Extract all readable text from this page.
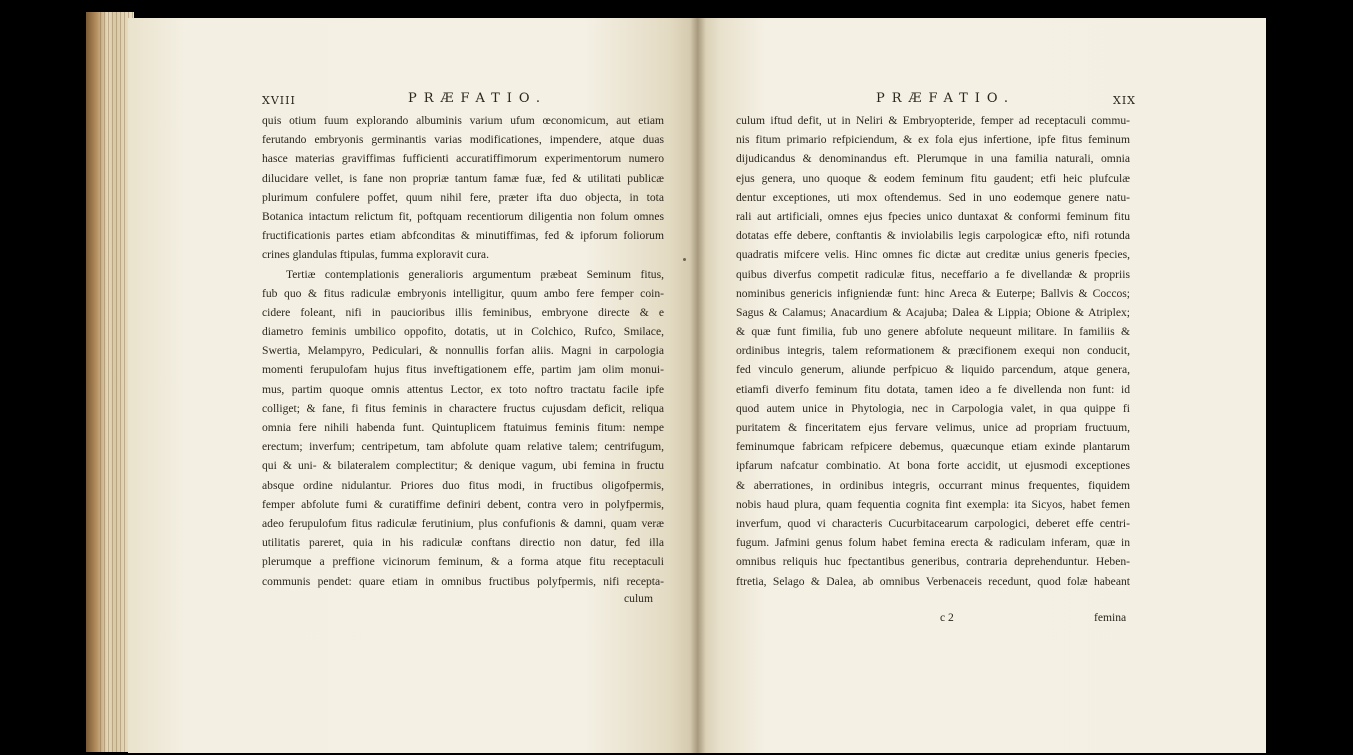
XVIII	PRÆFATIO.
quis otium fuum explorando albuminis varium ufum œconomicum, aut etiam
ferutando embryonis germinantis varias modificationes, impendere, atque duas
hasce materias graviffimas fufficienti accuratiffimorum experimentorum numero
dilucidare vellet, is fane non propriæ tantum famæ fuæ, fed & utilitati publicæ
plurimum confulere poffet, quum nihil fere, præter ifta duo objecta, in tota
Botanica intactum relictum fit, poftquam recentiorum diligentia non folum omnes
fructificationis partes etiam abfconditas & minutiffimas, fed & ipforum foliorum
crines glandulas ftipulas, fumma exploravit cura.
Tertiæ contemplationis generalioris argumentum præbeat Seminum fitus,
fub quo & fitus radiculæ embryonis intelligitur, quum ambo fere femper coin-
cidere foleant, nifi in paucioribus illis feminibus, embryone directe & e
diametro feminis umbilico oppofito, dotatis, ut in Colchico, Rufco, Smilace,
Swertia, Melampyro, Pediculari, & nonnullis forfan aliis. Magni in carpologia
momenti ferupulofam hujus fitus inveftigationem effe, partim jam olim monui-
mus, partim quoque omnis attentus Lector, ex toto noftro tractatu facile ipfe
colliget; & fane, fi fitus feminis in charactere fructus cujusdam deficit, reliqua
omnia fere nihili habenda funt. Quintuplicem ftatuimus feminis fitum: nempe
erectum; inverfum; centripetum, tam abfolute quam relative talem; centrifugum,
qui & uni- & bilateralem complectitur; & denique vagum, ubi femina in fructu
absque ordine nidulantur. Priores duo fitus modi, in fructibus oligofpermis,
femper abfolute fumi & curatiffime definiri debent, contra vero in polyfpermis,
adeo ferupulofum fitus radiculæ ferutinium, plus confufionis & damni, quam veræ
utilitatis pareret, quia in his radiculæ conftans directio non datur, fed illa
plerumque a preffione vicinorum feminum, & a forma atque fitu receptaculi
communis pendet: quare etiam in omnibus fructibus polyfpermis, nifi recepta-
culum
PRÆFATIO.	XIX
culum iftud defit, ut in Neliri & Embryopteride, femper ad receptaculi commu-
nis fitum primario refpiciendum, & ex fola ejus infertione, ipfe fitus feminum
dijudicandus & denominandus eft. Plerumque in una familia naturali, omnia
ejus genera, uno quoque & eodem feminum fitu gaudent; etfi heic plufculæ
dentur exceptiones, uti mox oftendemus. Sed in uno eodemque genere natu-
rali aut artificiali, omnes ejus fpecies unico duntaxat & conformi feminum fitu
dotatas effe debere, conftantis & inviolabilis legis carpologicæ efto, nifi rotunda
quadratis mifcere velis. Hinc omnes fic dictæ aut creditæ unius generis fpecies,
quibus diverfus competit radiculæ fitus, neceffario a fe divellandæ & propriis
nominibus genericis infigniendæ funt: hinc Areca & Euterpe; Ballvis & Coccos;
Sagus & Calamus; Anacardium & Acajuba; Dalea & Lippia; Obione & Atriplex;
& quæ funt fimilia, fub uno genere abfolute nequeunt militare. In familiis &
ordinibus integris, talem reformationem & præcifionem exequi non conducit,
fed vinculo generum, aliunde perfpicuo & liquido parcendum, atque genera,
etiamfi diverfo feminum fitu dotata, tamen ideo a fe divellenda non funt: id
quod autem unice in Phytologia, nec in Carpologia valet, in qua quippe fi
puritatem & finceritatem ejus fervare velimus, unice ad propriam fructuum,
feminumque fabricam refpicere debemus, quæcunque etiam exinde plantarum
ipfarum nafcatur combinatio. At bona forte accidit, ut ejusmodi exceptiones
& aberrationes, in ordinibus integris, occurrant minus frequentes, fiquidem
nobis haud plura, quam fequentia cognita fint exempla: ita Sicyos, habet femen
inverfum, quod vi characteris Cucurbitacearum carpologici, deberet effe centri-
fugum. Jafmini genus folum habet femina erecta & radiculam inferam, quæ in
omnibus reliquis huc fpectantibus generibus, contraria deprehenduntur. Heben-
ftretia, Selago & Dalea, ab omnibus Verbenaceis recedunt, quod folæ habeant
c 2	femina
